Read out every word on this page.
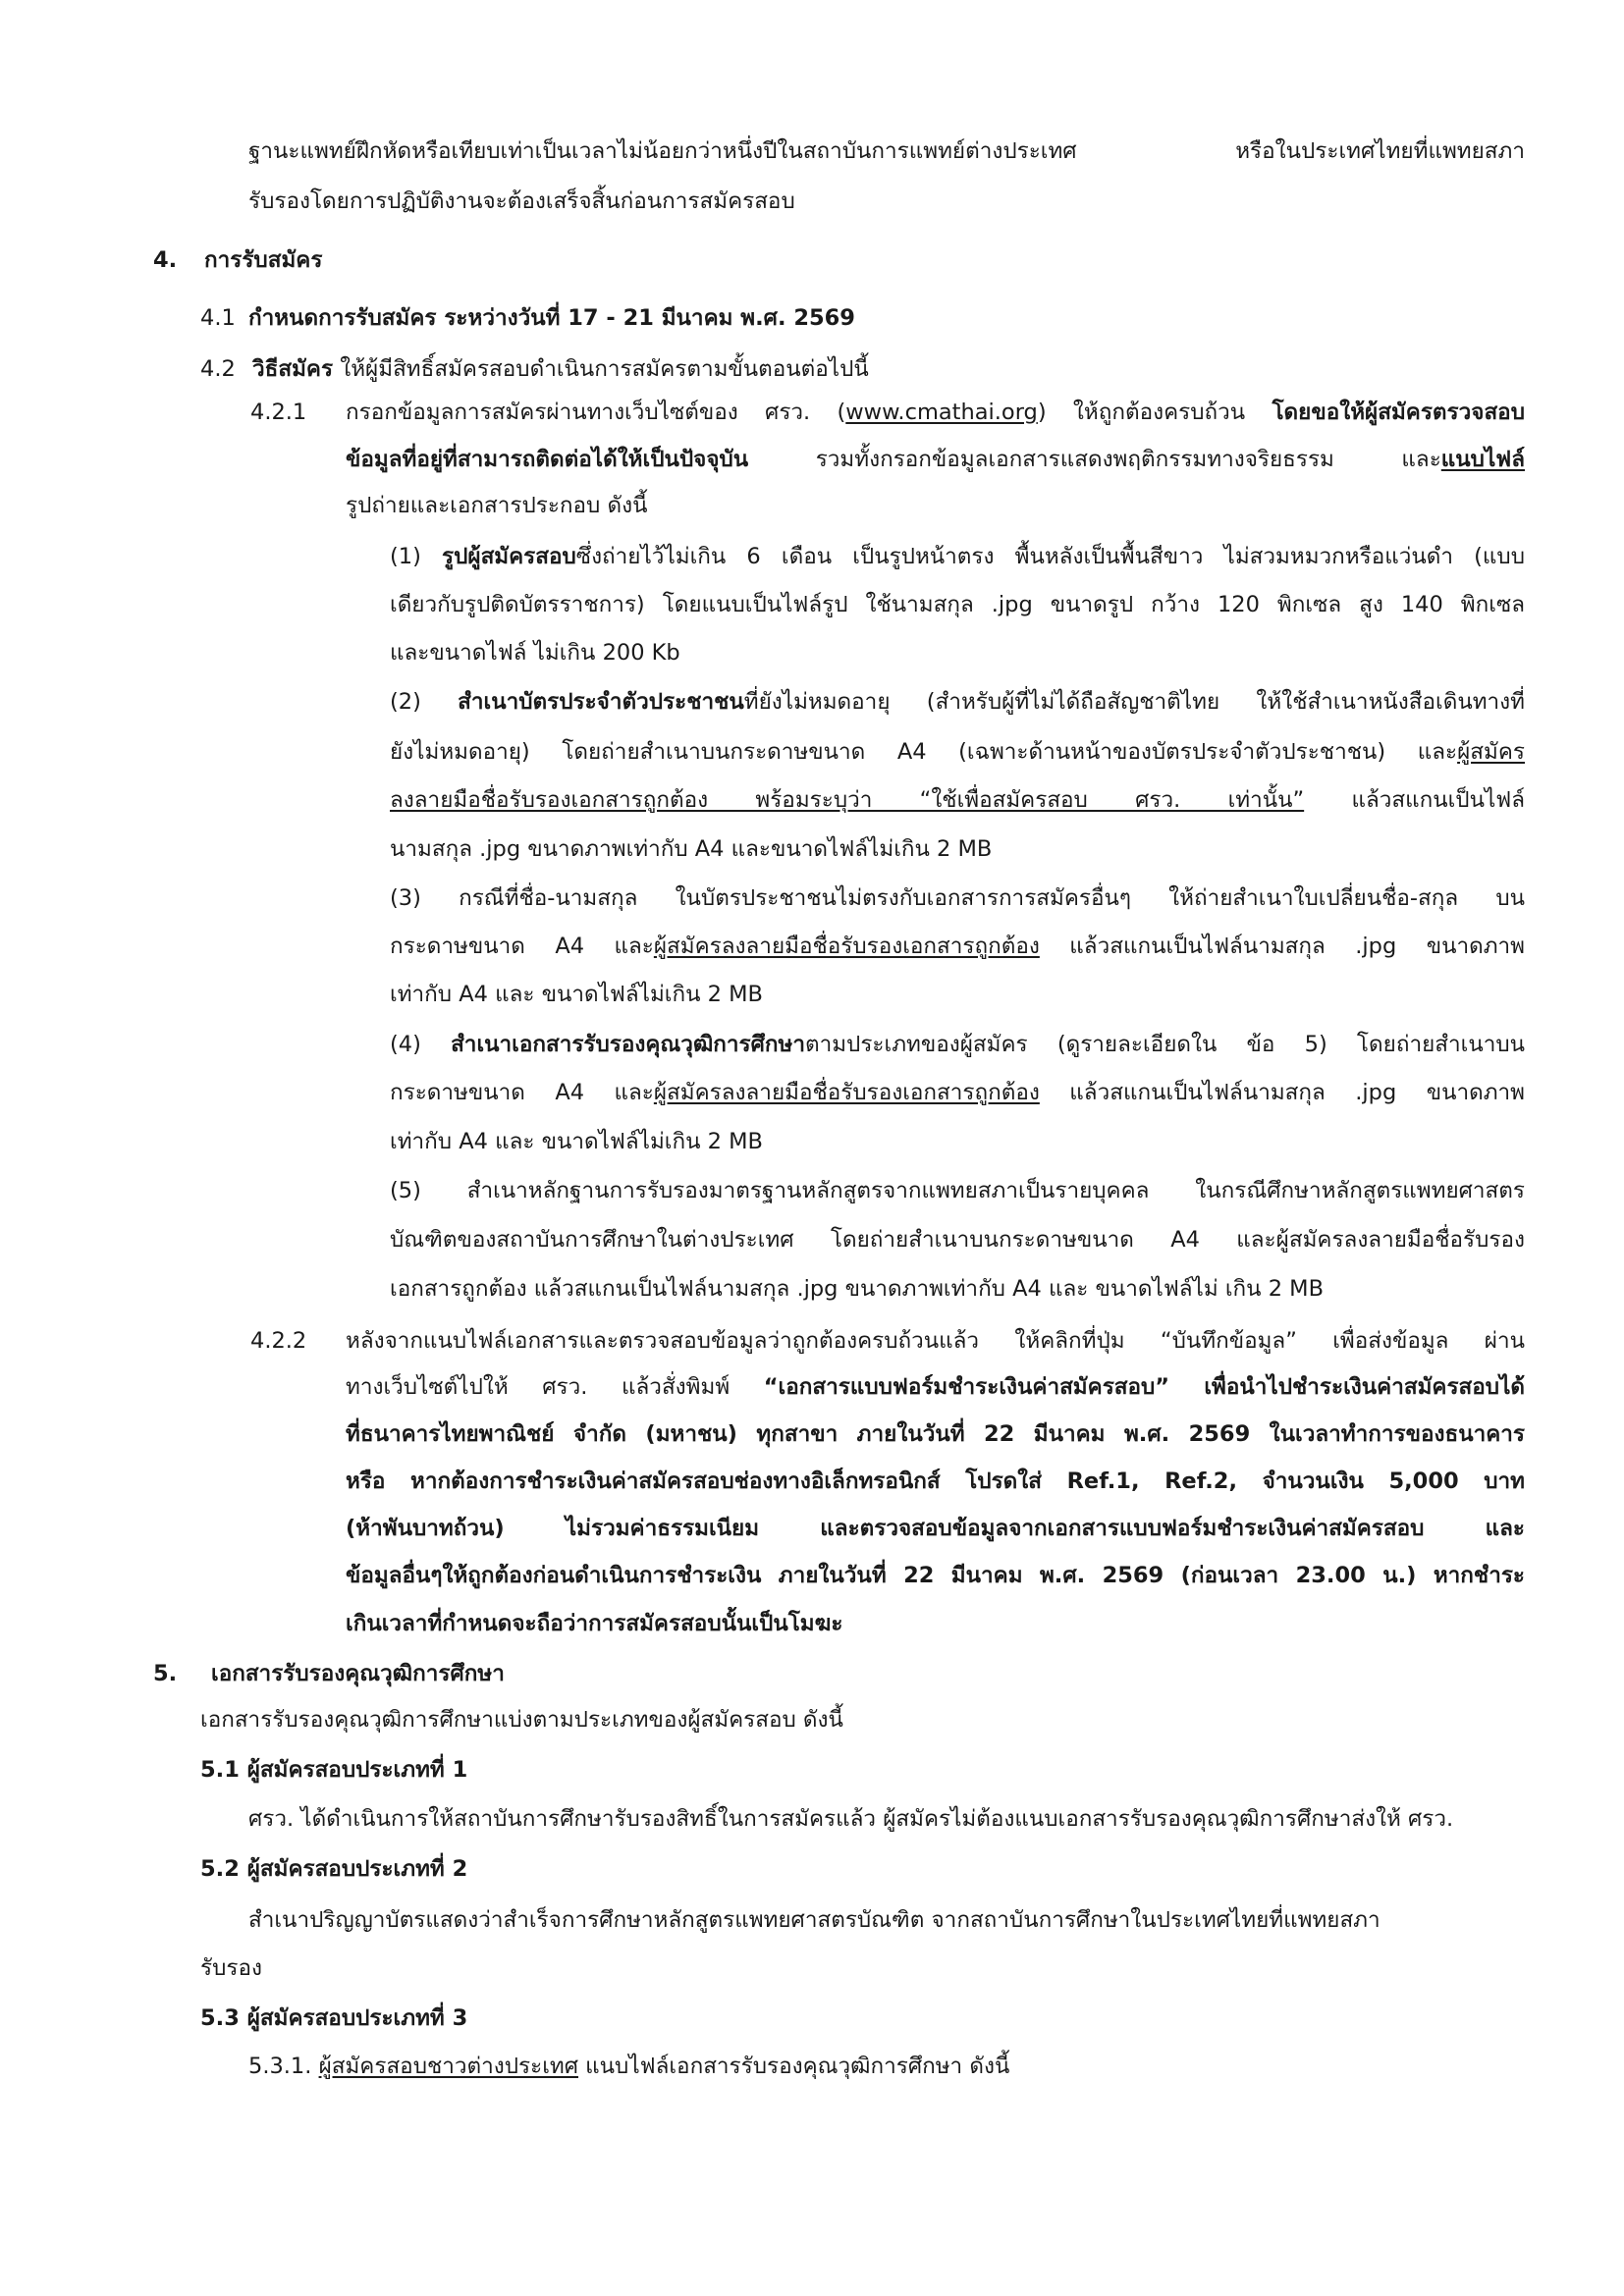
ฐานะแพทย์ฝึกหัดหรือเทียบเท่าเป็นเวลาไม่น้อยกว่าหนึ่งปีในสถาบันการแพทย์ต่างประเทศ หรือในประเทศไทยที่แพทยสภา
รับรองโดยการปฏิบัติงานจะต้องเสร็จสิ้นก่อนการสมัครสอบ
4. การรับสมัคร
4.1 กำหนดการรับสมัคร ระหว่างวันที่ 17 - 21 มีนาคม พ.ศ. 2569
4.2 วิธีสมัคร ให้ผู้มีสิทธิ์สมัครสอบดำเนินการสมัครตามขั้นตอนต่อไปนี้
4.2.1 กรอกข้อมูลการสมัครผ่านทางเว็บไซต์ของ ศรว. (www.cmathai.org) ให้ถูกต้องครบถ้วน โดยขอให้ผู้สมัครตรวจสอบ
ข้อมูลที่อยู่ที่สามารถติดต่อได้ให้เป็นปัจจุบัน รวมทั้งกรอกข้อมูลเอกสารแสดงพฤติกรรมทางจริยธรรม และแนบไฟล์
รูปถ่ายและเอกสารประกอบ ดังนี้
(1) รูปผู้สมัครสอบซึ่งถ่ายไว้ไม่เกิน 6 เดือน เป็นรูปหน้าตรง พื้นหลังเป็นพื้นสีขาว ไม่สวมหมวกหรือแว่นดำ (แบบ
เดียวกับรูปติดบัตรราชการ) โดยแนบเป็นไฟล์รูป ใช้นามสกุล .jpg ขนาดรูป กว้าง 120 พิกเซล สูง 140 พิกเซล
และขนาดไฟล์ ไม่เกิน 200 Kb
(2) สำเนาบัตรประจำตัวประชาชนที่ยังไม่หมดอายุ (สำหรับผู้ที่ไม่ได้ถือสัญชาติไทย ให้ใช้สำเนาหนังสือเดินทางที่
ยังไม่หมดอายุ) โดยถ่ายสำเนาบนกระดาษขนาด A4 (เฉพาะด้านหน้าของบัตรประจำตัวประชาชน) และผู้สมัคร
ลงลายมือชื่อรับรองเอกสารถูกต้อง พร้อมระบุว่า “ใช้เพื่อสมัครสอบ ศรว. เท่านั้น” แล้วสแกนเป็นไฟล์
นามสกุล .jpg ขนาดภาพเท่ากับ A4 และขนาดไฟล์ไม่เกิน 2 MB
(3) กรณีที่ชื่อ-นามสกุล ในบัตรประชาชนไม่ตรงกับเอกสารการสมัครอื่นๆ ให้ถ่ายสำเนาใบเปลี่ยนชื่อ-สกุล บน
กระดาษขนาด A4 และผู้สมัครลงลายมือชื่อรับรองเอกสารถูกต้อง แล้วสแกนเป็นไฟล์นามสกุล .jpg ขนาดภาพ
เท่ากับ A4 และ ขนาดไฟล์ไม่เกิน 2 MB
(4) สำเนาเอกสารรับรองคุณวุฒิการศึกษาตามประเภทของผู้สมัคร (ดูรายละเอียดใน ข้อ 5) โดยถ่ายสำเนาบน
กระดาษขนาด A4 และผู้สมัครลงลายมือชื่อรับรองเอกสารถูกต้อง แล้วสแกนเป็นไฟล์นามสกุล .jpg ขนาดภาพ
เท่ากับ A4 และ ขนาดไฟล์ไม่เกิน 2 MB
(5) สำเนาหลักฐานการรับรองมาตรฐานหลักสูตรจากแพทยสภาเป็นรายบุคคล ในกรณีศึกษาหลักสูตรแพทยศาสตร
บัณฑิตของสถาบันการศึกษาในต่างประเทศ โดยถ่ายสำเนาบนกระดาษขนาด A4 และผู้สมัครลงลายมือชื่อรับรอง
เอกสารถูกต้อง แล้วสแกนเป็นไฟล์นามสกุล .jpg ขนาดภาพเท่ากับ A4 และ ขนาดไฟล์ไม่ เกิน 2 MB
4.2.2 หลังจากแนบไฟล์เอกสารและตรวจสอบข้อมูลว่าถูกต้องครบถ้วนแล้ว ให้คลิกที่ปุ่ม “บันทึกข้อมูล” เพื่อส่งข้อมูล ผ่าน
ทางเว็บไซต์ไปให้ ศรว. แล้วสั่งพิมพ์ “เอกสารแบบฟอร์มชำระเงินค่าสมัครสอบ” เพื่อนำไปชำระเงินค่าสมัครสอบได้
ที่ธนาคารไทยพาณิชย์ จำกัด (มหาชน) ทุกสาขา ภายในวันที่ 22 มีนาคม พ.ศ. 2569 ในเวลาทำการของธนาคาร
หรือ หากต้องการชำระเงินค่าสมัครสอบช่องทางอิเล็กทรอนิกส์ โปรดใส่ Ref.1, Ref.2, จำนวนเงิน 5,000 บาท
(ห้าพันบาทถ้วน) ไม่รวมค่าธรรมเนียม และตรวจสอบข้อมูลจากเอกสารแบบฟอร์มชำระเงินค่าสมัครสอบ และ
ข้อมูลอื่นๆให้ถูกต้องก่อนดำเนินการชำระเงิน ภายในวันที่ 22 มีนาคม พ.ศ. 2569 (ก่อนเวลา 23.00 น.) หากชำระ
เกินเวลาที่กำหนดจะถือว่าการสมัครสอบนั้นเป็นโมฆะ
5. เอกสารรับรองคุณวุฒิการศึกษา
เอกสารรับรองคุณวุฒิการศึกษาแบ่งตามประเภทของผู้สมัครสอบ ดังนี้
5.1 ผู้สมัครสอบประเภทที่ 1
ศรว. ได้ดำเนินการให้สถาบันการศึกษารับรองสิทธิ์ในการสมัครแล้ว ผู้สมัครไม่ต้องแนบเอกสารรับรองคุณวุฒิการศึกษาส่งให้ ศรว.
5.2 ผู้สมัครสอบประเภทที่ 2
สำเนาปริญญาบัตรแสดงว่าสำเร็จการศึกษาหลักสูตรแพทยศาสตรบัณฑิต จากสถาบันการศึกษาในประเทศไทยที่แพทยสภา
รับรอง
5.3 ผู้สมัครสอบประเภทที่ 3
5.3.1. ผู้สมัครสอบชาวต่างประเทศ แนบไฟล์เอกสารรับรองคุณวุฒิการศึกษา ดังนี้
